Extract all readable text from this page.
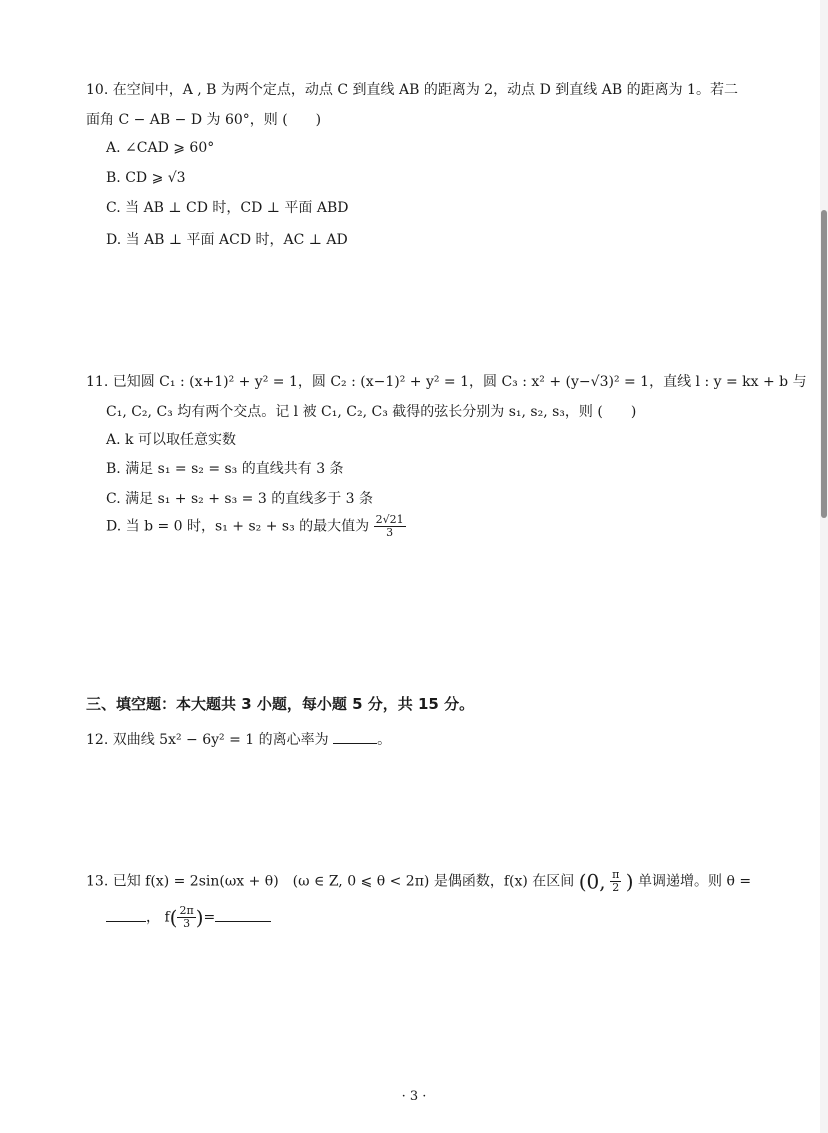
10. 在空间中，A , B 为两个定点，动点 C 到直线 AB 的距离为 2，动点 D 到直线 AB 的距离为 1。若二
面角 C − AB − D 为 60°，则 (　　)
A. ∠CAD ⩾ 60°
B. CD ⩾ √3
C. 当 AB ⊥ CD 时，CD ⊥ 平面 ABD
D. 当 AB ⊥ 平面 ACD 时，AC ⊥ AD
11. 已知圆 C₁ : (x+1)² + y² = 1，圆 C₂ : (x−1)² + y² = 1，圆 C₃ : x² + (y−√3)² = 1，直线 l : y = kx + b 与
C₁, C₂, C₃ 均有两个交点。记 l 被 C₁, C₂, C₃ 截得的弦长分别为 s₁, s₂, s₃，则 (　　)
A. k 可以取任意实数
B. 满足 s₁ = s₂ = s₃ 的直线共有 3 条
C. 满足 s₁ + s₂ + s₃ = 3 的直线多于 3 条
D. 当 b = 0 时，s₁ + s₂ + s₃ 的最大值为 $\frac{2√21}{3}$
三、填空题：本大题共 3 小题，每小题 5 分，共 15 分。
12. 双曲线 5x² − 6y² = 1 的离心率为	。
13. 已知 f(x) = 2sin(ωx + θ)　(ω ∈ Z, 0 ⩽ θ < 2π) 是偶函数，f(x) 在区间 (0, $\frac{\pi}{2}$ ) 单调递增。则 θ =
， $f( \frac{2\pi}{3}$ )=
· 3 ·
